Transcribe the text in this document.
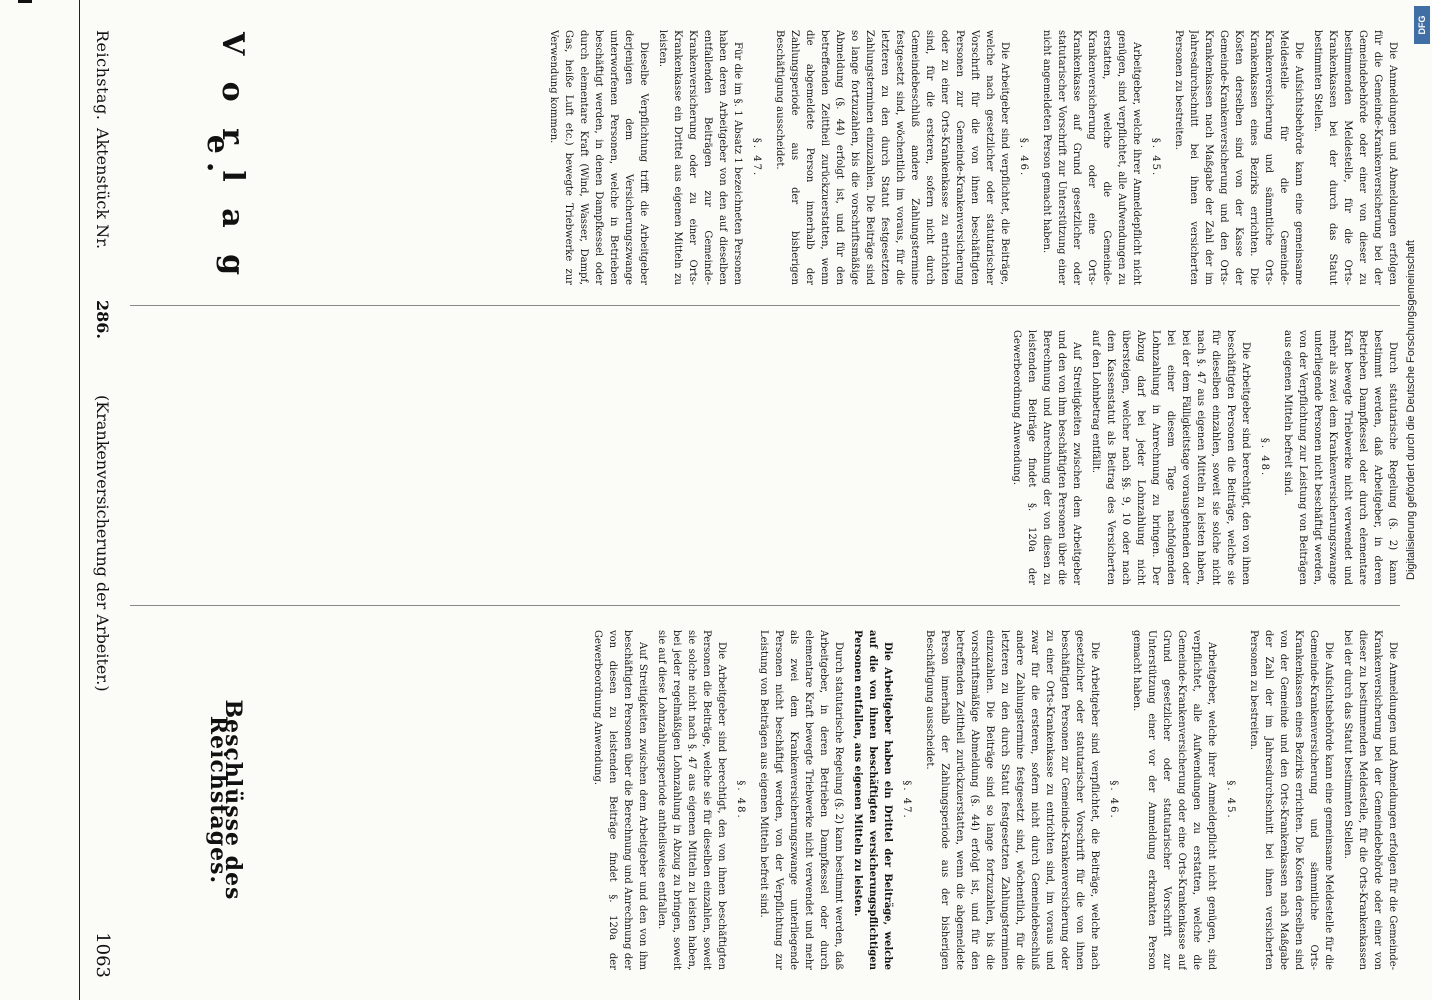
Reichstag.
Aktenstück Nr.
286.
(Krankenversicherung der Arbeiter.)
1063
V o r l a g e.	Die Anmeldungen und Abmeldungen erfolgen für die Gemeinde-Krankenversicherung bei der Gemeindebehörde oder einer von dieser zu bestimmenden Meldestelle, für die Orts-Krankenkassen bei der durch das Statut bestimmten Stellen.

Die Aufsichtsbehörde kann eine gemeinsame Meldestelle für die Gemeinde-Krankenversicherung und sämmtliche Orts-Krankenkassen eines Bezirks errichten. Die Kosten derselben sind von der Kasse der Gemeinde-Krankenversicherung und den Orts-Krankenkassen nach Maßgabe der Zahl der im Jahresdurchschnitt bei ihnen versicherten Personen zu bestreiten.

§. 45.

Arbeitgeber, welche ihrer Anmeldepflicht nicht genügen, sind verpflichtet, alle Aufwendungen zu erstatten, welche die Gemeinde-Krankenversicherung oder eine Orts-Krankenkasse auf Grund gesetzlicher oder statutarischer Vorschrift zur Unterstützung einer nicht angemeldeten Person gemacht haben.

§. 46.

Die Arbeitgeber sind verpflichtet, die Beiträge, welche nach gesetzlicher oder statutarischer Vorschrift für die von ihnen beschäftigten Personen zur Gemeinde-Krankenversicherung oder zu einer Orts-Krankenkasse zu entrichten sind, für die ersteren, sofern nicht durch Gemeindebeschluß andere Zahlungstermine festgesetzt sind, wöchentlich im voraus, für die letzteren zu den durch Statut festgesetzten Zahlungsterminen einzuzahlen. Die Beiträge sind so lange fortzuzahlen, bis die vorschriftsmäßige Abmeldung (§. 44) erfolgt ist, und für den betreffenden Zeittheil zurückzuerstatten, wenn die abgemeldete Person innerhalb der Zahlungsperiode aus der bisherigen Beschäftigung ausscheidet.

§. 47.

Für die im §. 1 Absatz 1 bezeichneten Personen haben deren Arbeitgeber von den auf dieselben entfallenden Beiträgen zur Gemeinde-Krankenversicherung oder zu einer Orts-Krankenkasse ein Drittel aus eigenen Mitteln zu leisten.

Dieselbe Verpflichtung trifft die Arbeitgeber derjenigen dem Versicherungszwange unterworfenen Personen, welche in Betrieben beschäftigt werden, in denen Dampfkessel oder durch elementare Kraft (Wind, Wasser, Dampf, Gas, heiße Luft etc.) bewegte Triebwerke zur Verwendung kommen.

Durch statutarische Regelung (§. 2) kann bestimmt werden, daß Arbeitgeber, in deren Betrieben Dampfkessel oder durch elementare Kraft bewegte Triebwerke nicht verwendet und mehr als zwei dem Krankenversicherungszwange unterliegende Personen nicht beschäftigt werden, von der Verpflichtung zur Leistung von Beiträgen aus eigenen Mitteln befreit sind.

§. 48.

Die Arbeitgeber sind berechtigt, den von ihnen beschäftigten Personen die Beiträge, welche sie für dieselben einzahlen, soweit sie solche nicht nach §. 47 aus eigenen Mitteln zu leisten haben, bei der dem Fälligkeitstage vorausgehenden oder bei einer diesem Tage nachfolgenden Lohnzahlung in Anrechnung zu bringen. Der Abzug darf bei jeder Lohnzahlung nicht übersteigen, welcher nach §§. 9, 10 oder nach dem Kassenstatut als Beitrag des Versicherten auf den Lohnbetrag entfällt.

Auf Streitigkeiten zwischen dem Arbeitgeber und den von ihm beschäftigten Personen über die Berechnung und Anrechnung der von diesen zu leistenden Beiträge findet §. 120a der Gewerbeordnung Anwendung.

Beschlüsse des Reichstages.	Die Anmeldungen und Abmeldungen erfolgen für die Gemeinde-Krankenversicherung bei der Gemeindebehörde oder einer von dieser zu bestimmenden Meldestelle, für die Orts-Krankenkassen bei der durch das Statut bestimmten Stellen.

Die Aufsichtsbehörde kann eine gemeinsame Meldestelle für die Gemeinde-Krankenversicherung und sämmtliche Orts-Krankenkassen eines Bezirks errichten. Die Kosten derselben sind von der Gemeinde und den Orts-Krankenkassen nach Maßgabe der Zahl der im Jahresdurchschnitt bei ihnen versicherten Personen zu bestreiten.

§. 45.

Arbeitgeber, welche ihrer Anmeldepflicht nicht genügen, sind verpflichtet, alle Aufwendungen zu erstatten, welche die Gemeinde-Krankenversicherung oder eine Orts-Krankenkasse auf Grund gesetzlicher oder statutarischer Vorschrift zur Unterstützung einer vor der Anmeldung erkrankten Person gemacht haben.

§. 46.

Die Arbeitgeber sind verpflichtet, die Beiträge, welche nach gesetzlicher oder statutarischer Vorschrift für die von ihnen beschäftigten Personen zur Gemeinde-Krankenversicherung oder zu einer Orts-Krankenkasse zu entrichten sind, im voraus und zwar für die ersteren, sofern nicht durch Gemeindebeschluß andere Zahlungstermine festgesetzt sind, wöchentlich, für die letzteren zu den durch Statut festgesetzten Zahlungsterminen einzuzahlen. Die Beiträge sind so lange fortzuzahlen, bis die vorschriftsmäßige Abmeldung (§. 44) erfolgt ist, und für den betreffenden Zeittheil zurückzuerstatten, wenn die abgemeldete Person innerhalb der Zahlungsperiode aus der bisherigen Beschäftigung ausscheidet.

§. 47.

Die Arbeitgeber haben ein Drittel der Beiträge, welche auf die von ihnen beschäftigten versicherungspflichtigen Personen entfallen, aus eigenen Mitteln zu leisten.

Durch statutarische Regelung (§. 2) kann bestimmt werden, daß Arbeitgeber, in deren Betrieben Dampfkessel oder durch elementare Kraft bewegte Triebwerke nicht verwendet und mehr als zwei dem Krankenversicherungszwange unterliegende Personen nicht beschäftigt werden, von der Verpflichtung zur Leistung von Beiträgen aus eigenen Mitteln befreit sind.

§. 48.

Die Arbeitgeber sind berechtigt, den von ihnen beschäftigten Personen die Beiträge, welche sie für dieselben einzahlen, soweit sie solche nicht nach §. 47 aus eigenen Mitteln zu leisten haben, bei jeder regelmäßigen Lohnzahlung in Abzug zu bringen, soweit sie auf diese Lohnzahlungsperiode antheilsweise entfallen.

Auf Streitigkeiten zwischen dem Arbeitgeber und den von ihm beschäftigten Personen über die Berechnung und Anrechnung der von diesen zu leistenden Beiträge findet §. 120a der Gewerbeordnung Anwendung.

Digitalisierung gefördert durch die Deutsche Forschungsgemeinschaft
DFG
